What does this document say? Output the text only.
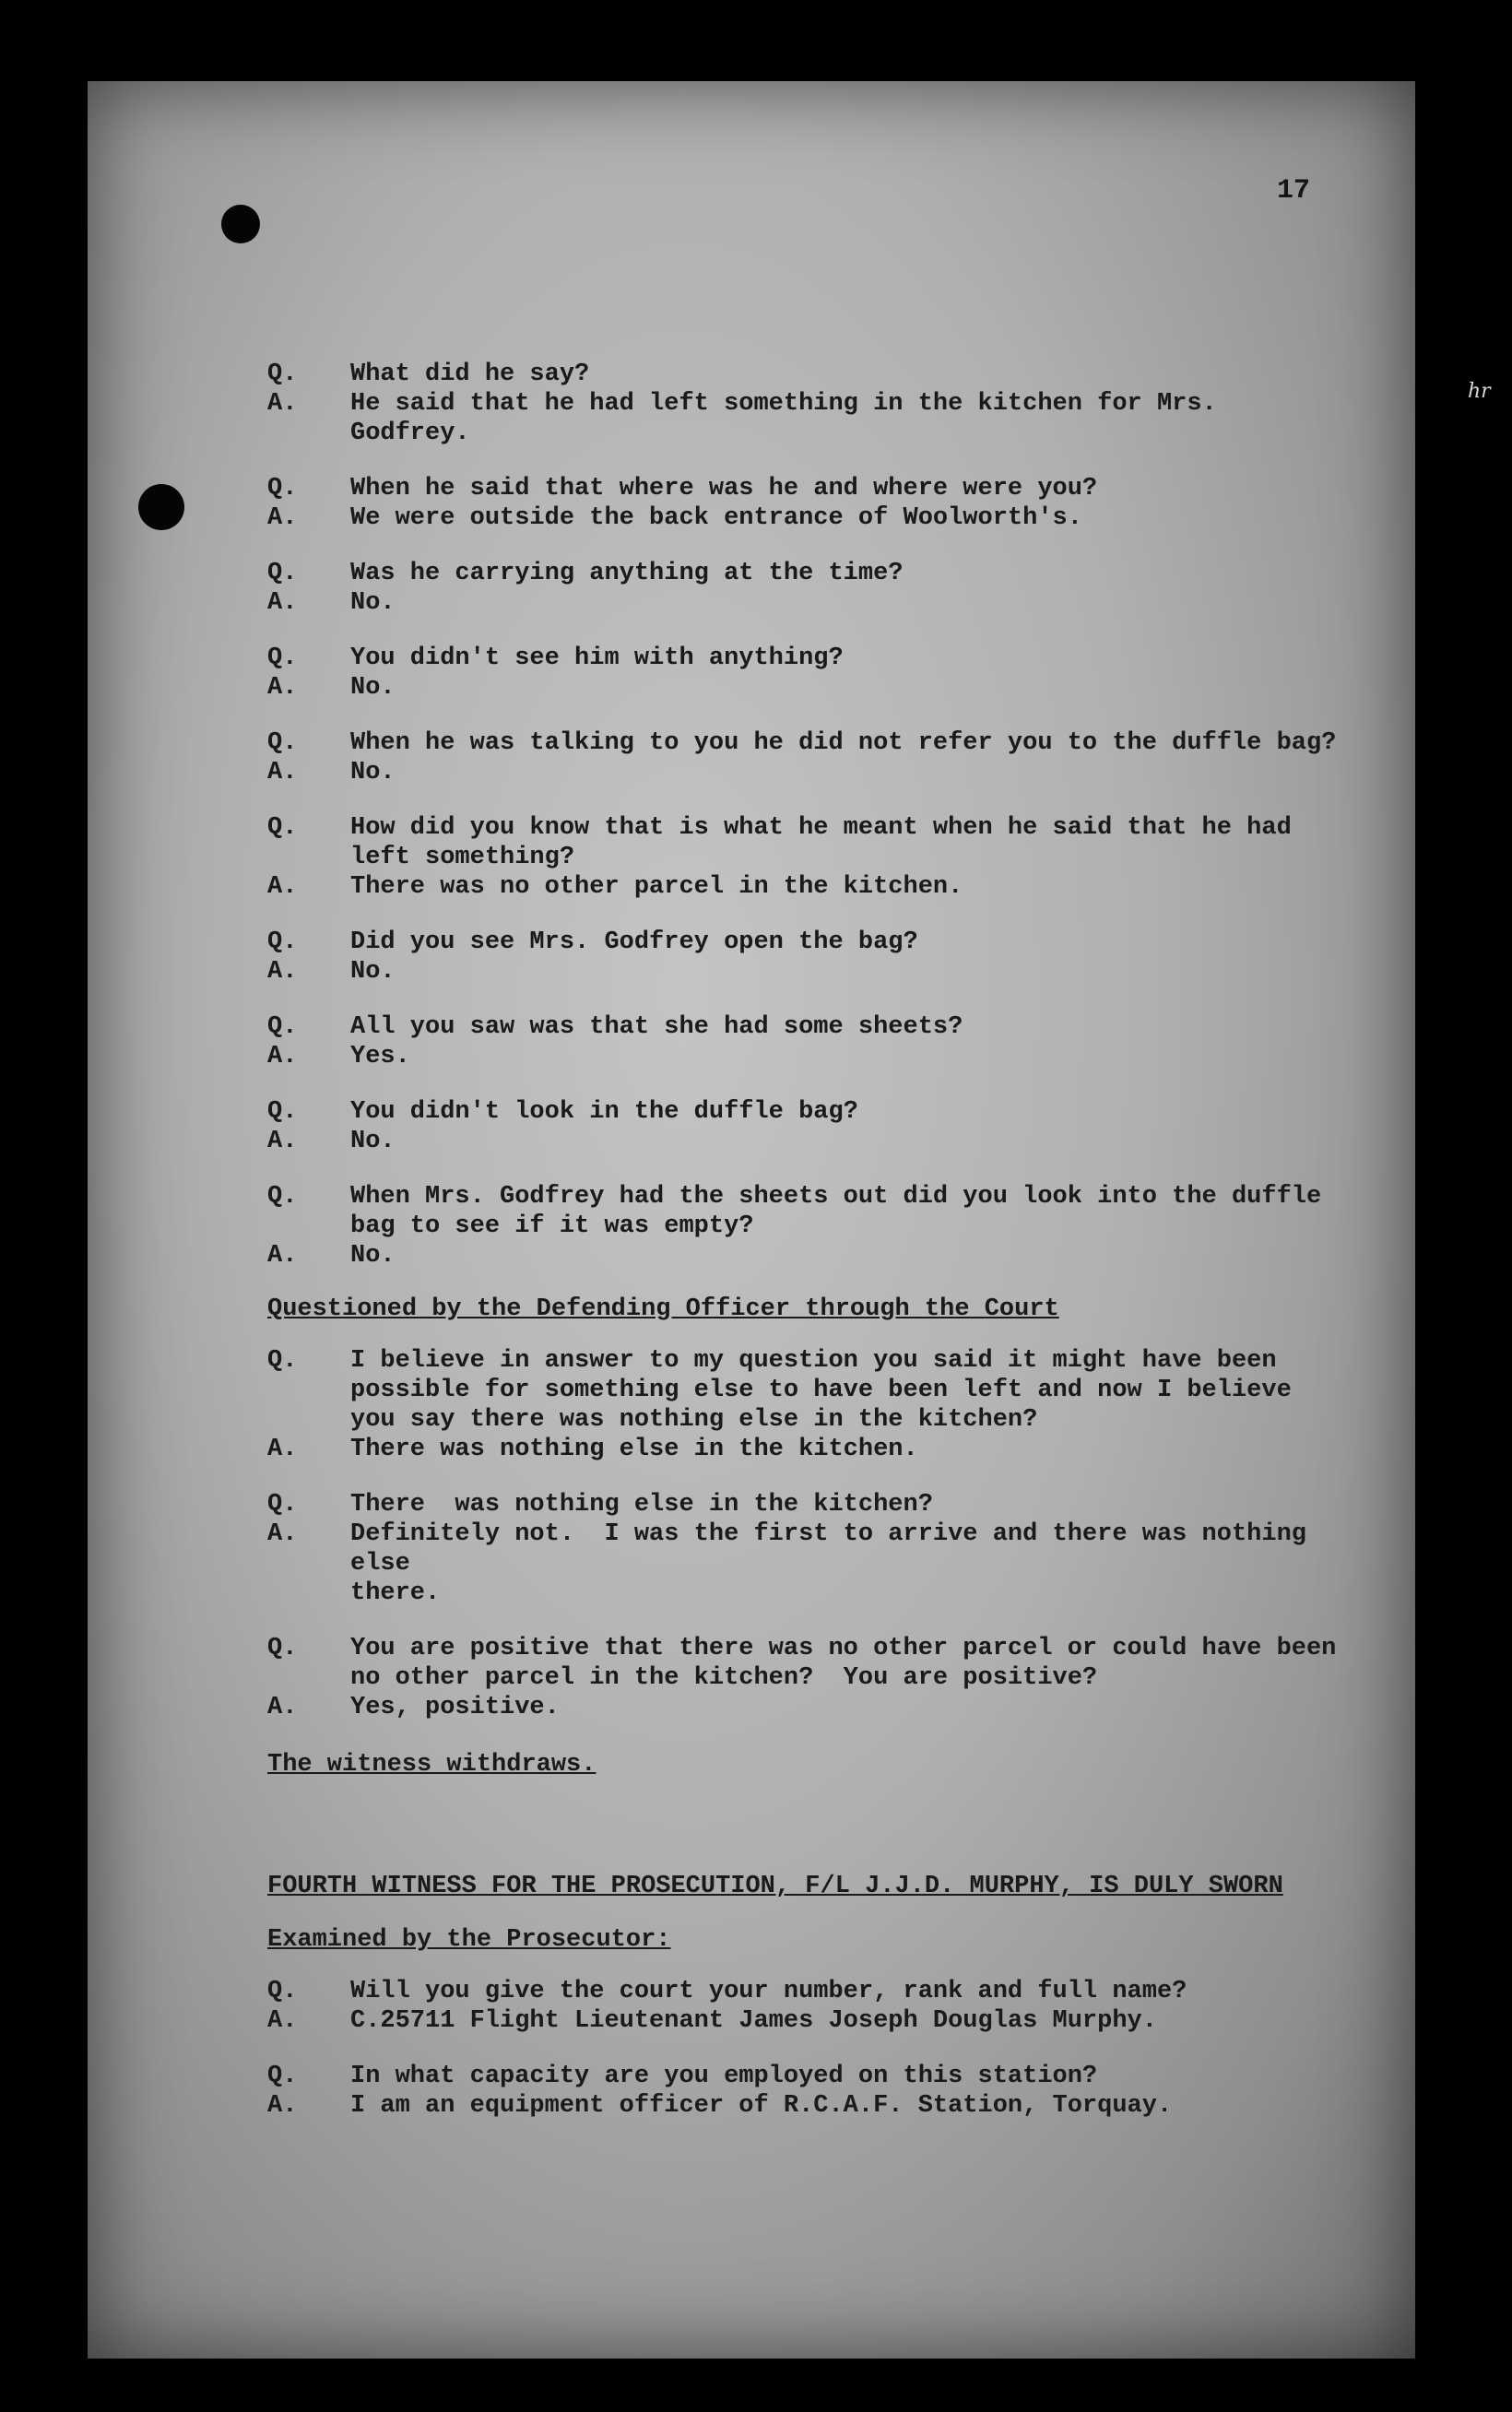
17
hr
Q.	What did he say?
A.	He said that he had left something in the kitchen for Mrs. Godfrey.
Q.	When he said that where was he and where were you?
A.	We were outside the back entrance of Woolworth's.
Q.	Was he carrying anything at the time?
A.	No.
Q.	You didn't see him with anything?
A.	No.
Q.	When he was talking to you he did not refer you to the duffle bag?
A.	No.
Q.	How did you know that is what he meant when he said that he had
left something?
A.	There was no other parcel in the kitchen.
Q.	Did you see Mrs. Godfrey open the bag?
A.	No.
Q.	All you saw was that she had some sheets?
A.	Yes.
Q.	You didn't look in the duffle bag?
A.	No.
Q.	When Mrs. Godfrey had the sheets out did you look into the duffle
bag to see if it was empty?
A.	No.
Questioned by the Defending Officer through the Court
Q.	I believe in answer to my question you said it might have been
possible for something else to have been left and now I believe
you say there was nothing else in the kitchen?
A.	There was nothing else in the kitchen.
Q.	There  was nothing else in the kitchen?
A.	Definitely not.  I was the first to arrive and there was nothing else
there.
Q.	You are positive that there was no other parcel or could have been
no other parcel in the kitchen?  You are positive?
A.	Yes, positive.
The witness withdraws.
FOURTH WITNESS FOR THE PROSECUTION, F/L J.J.D. MURPHY, IS DULY SWORN
Examined by the Prosecutor:
Q.	Will you give the court your number, rank and full name?
A.	C.25711 Flight Lieutenant James Joseph Douglas Murphy.
Q.	In what capacity are you employed on this station?
A.	I am an equipment officer of R.C.A.F. Station, Torquay.
